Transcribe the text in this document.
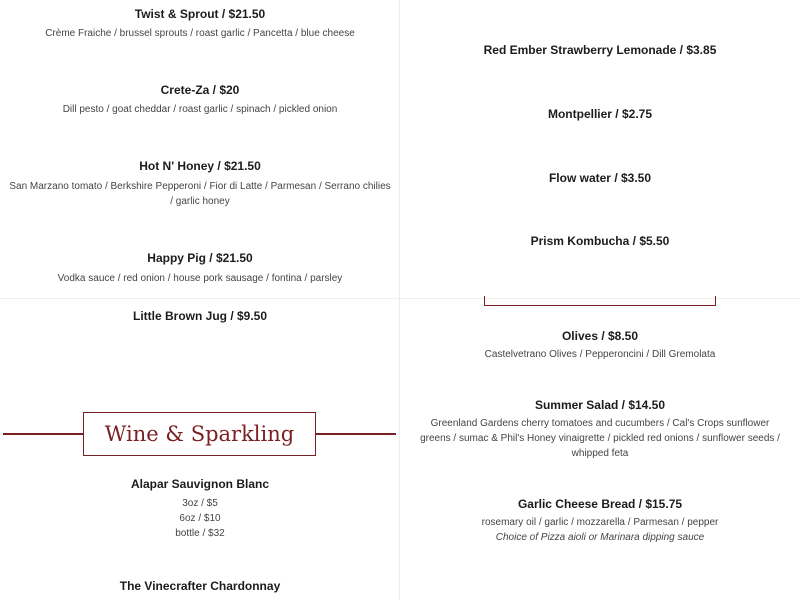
Twist & Sprout / $21.50
Crème Fraiche / brussel sprouts / roast garlic / Pancetta / blue cheese
Crete-Za / $20
Dill pesto / goat cheddar / roast garlic / spinach / pickled onion
Hot N' Honey / $21.50
San Marzano tomato / Berkshire Pepperoni / Fior di Latte / Parmesan / Serrano chilies / garlic honey
Happy Pig / $21.50
Vodka sauce / red onion / house pork sausage / fontina / parsley
Little Brown Jug / $9.50
Wine & Sparkling
Alapar Sauvignon Blanc
3oz / $5
6oz / $10
bottle / $32
The Vinecrafter Chardonnay
Red Ember Strawberry Lemonade / $3.85
Montpellier / $2.75
Flow water / $3.50
Prism Kombucha / $5.50
Olives / $8.50
Castelvetrano Olives / Pepperoncini / Dill Gremolata
Summer Salad / $14.50
Greenland Gardens cherry tomatoes and cucumbers / Cal's Crops sunflower greens / sumac & Phil's Honey vinaigrette / pickled red onions / sunflower seeds / whipped feta
Garlic Cheese Bread / $15.75
rosemary oil / garlic / mozzarella / Parmesan / pepper
Choice of Pizza aioli or Marinara dipping sauce
